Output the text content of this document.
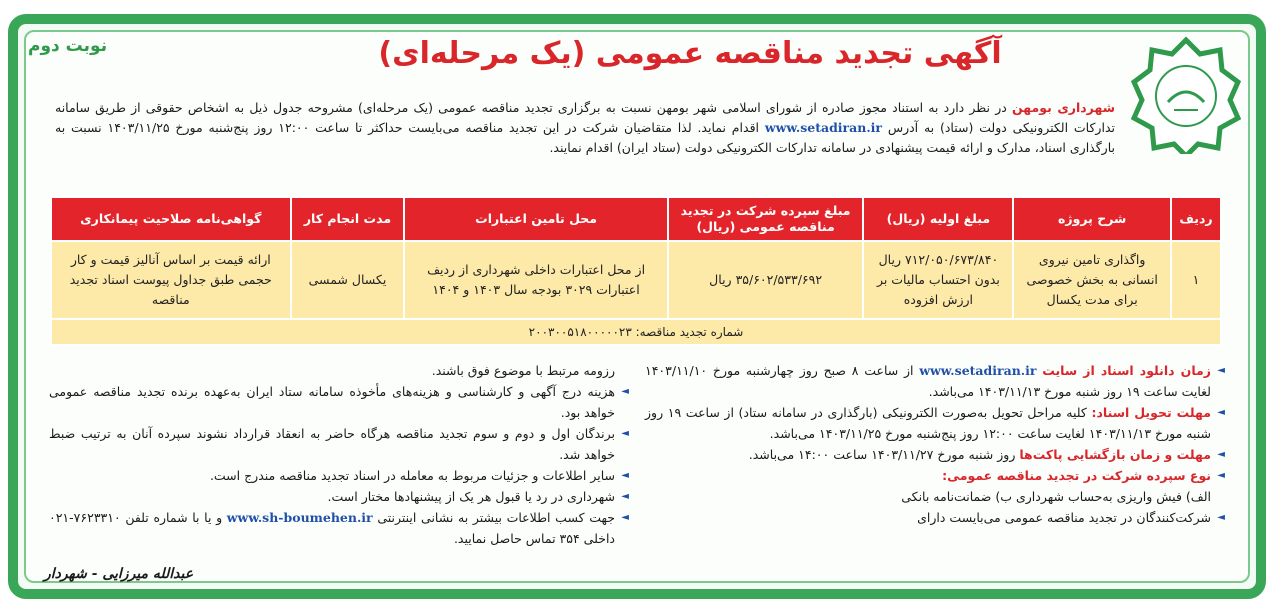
نوبت دوم	آگهی تجدید مناقصه عمومی (یک مرحله‌ای)
شهرداری بومهن در نظر دارد به استناد مجوز صادره از شورای اسلامی شهر بومهن نسبت به برگزاری تجدید مناقصه عمومی (یک مرحله‌ای) مشروحه جدول ذیل به اشخاص حقوقی از طریق سامانه تدارکات الکترونیکی دولت (ستاد) به آدرس www.setadiran.ir اقدام نماید. لذا متقاضیان شرکت در این تجدید مناقصه می‌بایست حداکثر تا ساعت ۱۲:۰۰ روز پنج‌شنبه مورخ ۱۴۰۳/۱۱/۲۵ نسبت به بارگذاری اسناد، مدارک و ارائه قیمت پیشنهادی در سامانه تدارکات الکترونیکی دولت (ستاد ایران) اقدام نمایند.
ردیف	شرح پروژه	مبلغ اولیه (ریال)	مبلغ سپرده شرکت در تجدید مناقصه عمومی (ریال)	محل تامین اعتبارات	مدت انجام کار	گواهی‌نامه صلاحیت پیمانکاری
۱	واگذاری تامین نیروی انسانی به بخش خصوصی برای مدت یکسال	۷۱۲/۰۵۰/۶۷۳/۸۴۰ ریال بدون احتساب مالیات بر ارزش افزوده	۳۵/۶۰۲/۵۳۳/۶۹۲ ریال	از محل اعتبارات داخلی شهرداری از ردیف اعتبارات ۳۰۲۹ بودجه سال ۱۴۰۳ و ۱۴۰۴	یکسال شمسی	ارائه قیمت بر اساس آنالیز قیمت و کار حجمی طبق جداول پیوست اسناد تجدید مناقصه
شماره تجدید مناقصه: ۲۰۰۳۰۰۵۱۸۰۰۰۰۰۲۳						
◄ زمان دانلود اسناد از سایت www.setadiran.ir از ساعت ۸ صبح روز چهارشنبه مورخ ۱۴۰۳/۱۱/۱۰ لغایت ساعت ۱۹ روز شنبه مورخ ۱۴۰۳/۱۱/۱۳ می‌باشد.
◄ مهلت تحویل اسناد: کلیه مراحل تحویل به‌صورت الکترونیکی (بارگذاری در سامانه ستاد) از ساعت ۱۹ روز شنبه مورخ ۱۴۰۳/۱۱/۱۳ لغایت ساعت ۱۲:۰۰ روز پنج‌شنبه مورخ ۱۴۰۳/۱۱/۲۵ می‌باشد.
◄ مهلت و زمان بازگشایی پاکت‌ها روز شنبه مورخ ۱۴۰۳/۱۱/۲۷ ساعت ۱۴:۰۰ می‌باشد.
◄ نوع سپرده شرکت در تجدید مناقصه عمومی:
الف) فیش واریزی به‌حساب شهرداری ب) ضمانت‌نامه بانکی
◄ شرکت‌کنندگان در تجدید مناقصه عمومی می‌بایست دارای
رزومه مرتبط با موضوع فوق باشند.
◄ هزینه درج آگهی و کارشناسی و هزینه‌های مأخوذه سامانه ستاد ایران به‌عهده برنده تجدید مناقصه عمومی خواهد بود.
◄ برندگان اول و دوم و سوم تجدید مناقصه هرگاه حاضر به انعقاد قرارداد نشوند سپرده آنان به ترتیب ضبط خواهد شد.
◄ سایر اطلاعات و جزئیات مربوط به معامله در اسناد تجدید مناقصه مندرج است.
◄ شهرداری در رد یا قبول هر یک از پیشنهادها مختار است.
◄ جهت کسب اطلاعات بیشتر به نشانی اینترنتی www.sh-boumehen.ir و یا با شماره تلفن ۷۶۲۳۳۱۰-۰۲۱ داخلی ۳۵۴ تماس حاصل نمایید.
عبدالله میرزایی - شهردار
